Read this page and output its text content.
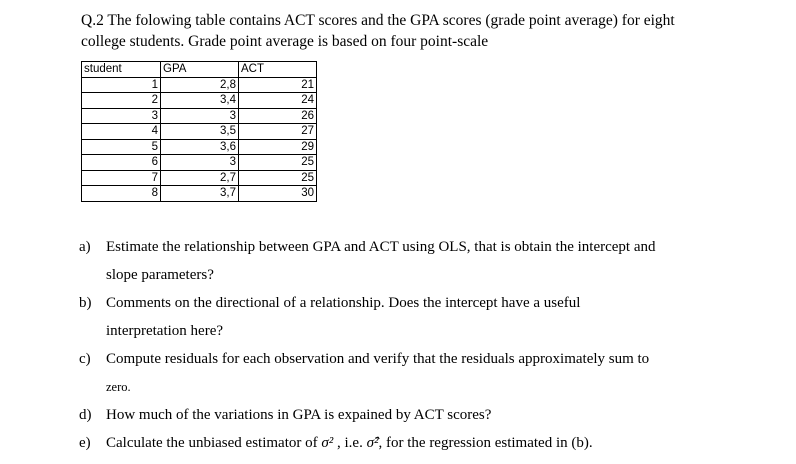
Q.2 The folowing table contains ACT scores and the GPA scores (grade point average) for eight
college students. Grade point average is based on four point-scale
student	GPA	ACT
1	2,8	21
2	3,4	24
3	3	26
4	3,5	27
5	3,6	29
6	3	25
7	2,7	25
8	3,7	30
a) Estimate the relationship between GPA and ACT using OLS, that is obtain the intercept and
slope parameters?
b) Comments on the directional of a relationship. Does the intercept have a useful
interpretation here?
c) Compute residuals for each observation and verify that the residuals approximately sum to
zero.
d) How much of the variations in GPA is expained by ACT scores?
e) Calculate the unbiased estimator of σ² , i.e. σ̂², for the regression estimated in (b).
